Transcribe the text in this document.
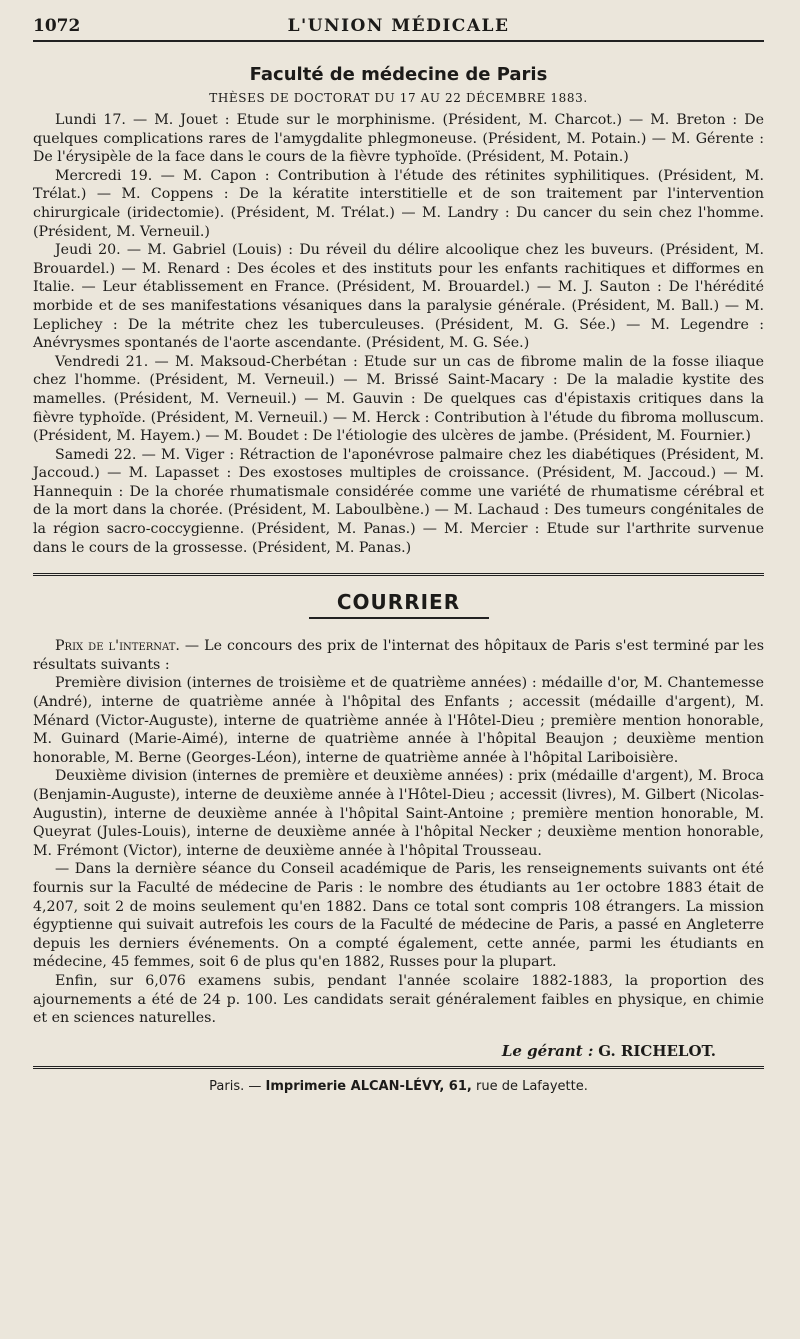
1072	L'UNION MÉDICALE
Faculté de médecine de Paris
THÈSES DE DOCTORAT DU 17 AU 22 DÉCEMBRE 1883.

Lundi 17. — M. Jouet : Etude sur le morphinisme. (Président, M. Charcot.) — M. Breton : De quelques complications rares de l'amygdalite phlegmoneuse. (Président, M. Potain.) — M. Gérente : De l'érysipèle de la face dans le cours de la fièvre typhoïde. (Président, M. Potain.)

Mercredi 19. — M. Capon : Contribution à l'étude des rétinites syphilitiques. (Président, M. Trélat.) — M. Coppens : De la kératite interstitielle et de son traitement par l'intervention chirurgicale (iridectomie). (Président, M. Trélat.) — M. Landry : Du cancer du sein chez l'homme. (Président, M. Verneuil.)

Jeudi 20. — M. Gabriel (Louis) : Du réveil du délire alcoolique chez les buveurs. (Président, M. Brouardel.) — M. Renard : Des écoles et des instituts pour les enfants rachitiques et difformes en Italie. — Leur établissement en France. (Président, M. Brouardel.) — M. J. Sauton : De l'hérédité morbide et de ses manifestations vésaniques dans la paralysie générale. (Président, M. Ball.) — M. Leplichey : De la métrite chez les tuberculeuses. (Président, M. G. Sée.) — M. Legendre : Anévrysmes spontanés de l'aorte ascendante. (Président, M. G. Sée.)

Vendredi 21. — M. Maksoud-Cherbétan : Etude sur un cas de fibrome malin de la fosse iliaque chez l'homme. (Président, M. Verneuil.) — M. Brissé Saint-Macary : De la maladie kystite des mamelles. (Président, M. Verneuil.) — M. Gauvin : De quelques cas d'épistaxis critiques dans la fièvre typhoïde. (Président, M. Verneuil.) — M. Herck : Contribution à l'étude du fibroma molluscum. (Président, M. Hayem.) — M. Boudet : De l'étiologie des ulcères de jambe. (Président, M. Fournier.)

Samedi 22. — M. Viger : Rétraction de l'aponévrose palmaire chez les diabétiques (Président, M. Jaccoud.) — M. Lapasset : Des exostoses multiples de croissance. (Président, M. Jaccoud.) — M. Hannequin : De la chorée rhumatismale considérée comme une variété de rhumatisme cérébral et de la mort dans la chorée. (Président, M. Laboulbène.) — M. Lachaud : Des tumeurs congénitales de la région sacro-coccygienne. (Président, M. Panas.) — M. Mercier : Etude sur l'arthrite survenue dans le cours de la grossesse. (Président, M. Panas.)

COURRIER

Prix de l'internat. — Le concours des prix de l'internat des hôpitaux de Paris s'est terminé par les résultats suivants :

Première division (internes de troisième et de quatrième années) : médaille d'or, M. Chantemesse (André), interne de quatrième année à l'hôpital des Enfants ; accessit (médaille d'argent), M. Ménard (Victor-Auguste), interne de quatrième année à l'Hôtel-Dieu ; première mention honorable, M. Guinard (Marie-Aimé), interne de quatrième année à l'hôpital Beaujon ; deuxième mention honorable, M. Berne (Georges-Léon), interne de quatrième année à l'hôpital Lariboisière.

Deuxième division (internes de première et deuxième années) : prix (médaille d'argent), M. Broca (Benjamin-Auguste), interne de deuxième année à l'Hôtel-Dieu ; accessit (livres), M. Gilbert (Nicolas-Augustin), interne de deuxième année à l'hôpital Saint-Antoine ; première mention honorable, M. Queyrat (Jules-Louis), interne de deuxième année à l'hôpital Necker ; deuxième mention honorable, M. Frémont (Victor), interne de deuxième année à l'hôpital Trousseau.

— Dans la dernière séance du Conseil académique de Paris, les renseignements suivants ont été fournis sur la Faculté de médecine de Paris : le nombre des étudiants au 1er octobre 1883 était de 4,207, soit 2 de moins seulement qu'en 1882. Dans ce total sont compris 108 étrangers. La mission égyptienne qui suivait autrefois les cours de la Faculté de médecine de Paris, a passé en Angleterre depuis les derniers événements. On a compté également, cette année, parmi les étudiants en médecine, 45 femmes, soit 6 de plus qu'en 1882, Russes pour la plupart.

Enfin, sur 6,076 examens subis, pendant l'année scolaire 1882-1883, la proportion des ajournements a été de 24 p. 100. Les candidats serait généralement faibles en physique, en chimie et en sciences naturelles.

Le gérant : G. RICHELOT.
Paris. — Imprimerie ALCAN-LÉVY, 61, rue de Lafayette.
